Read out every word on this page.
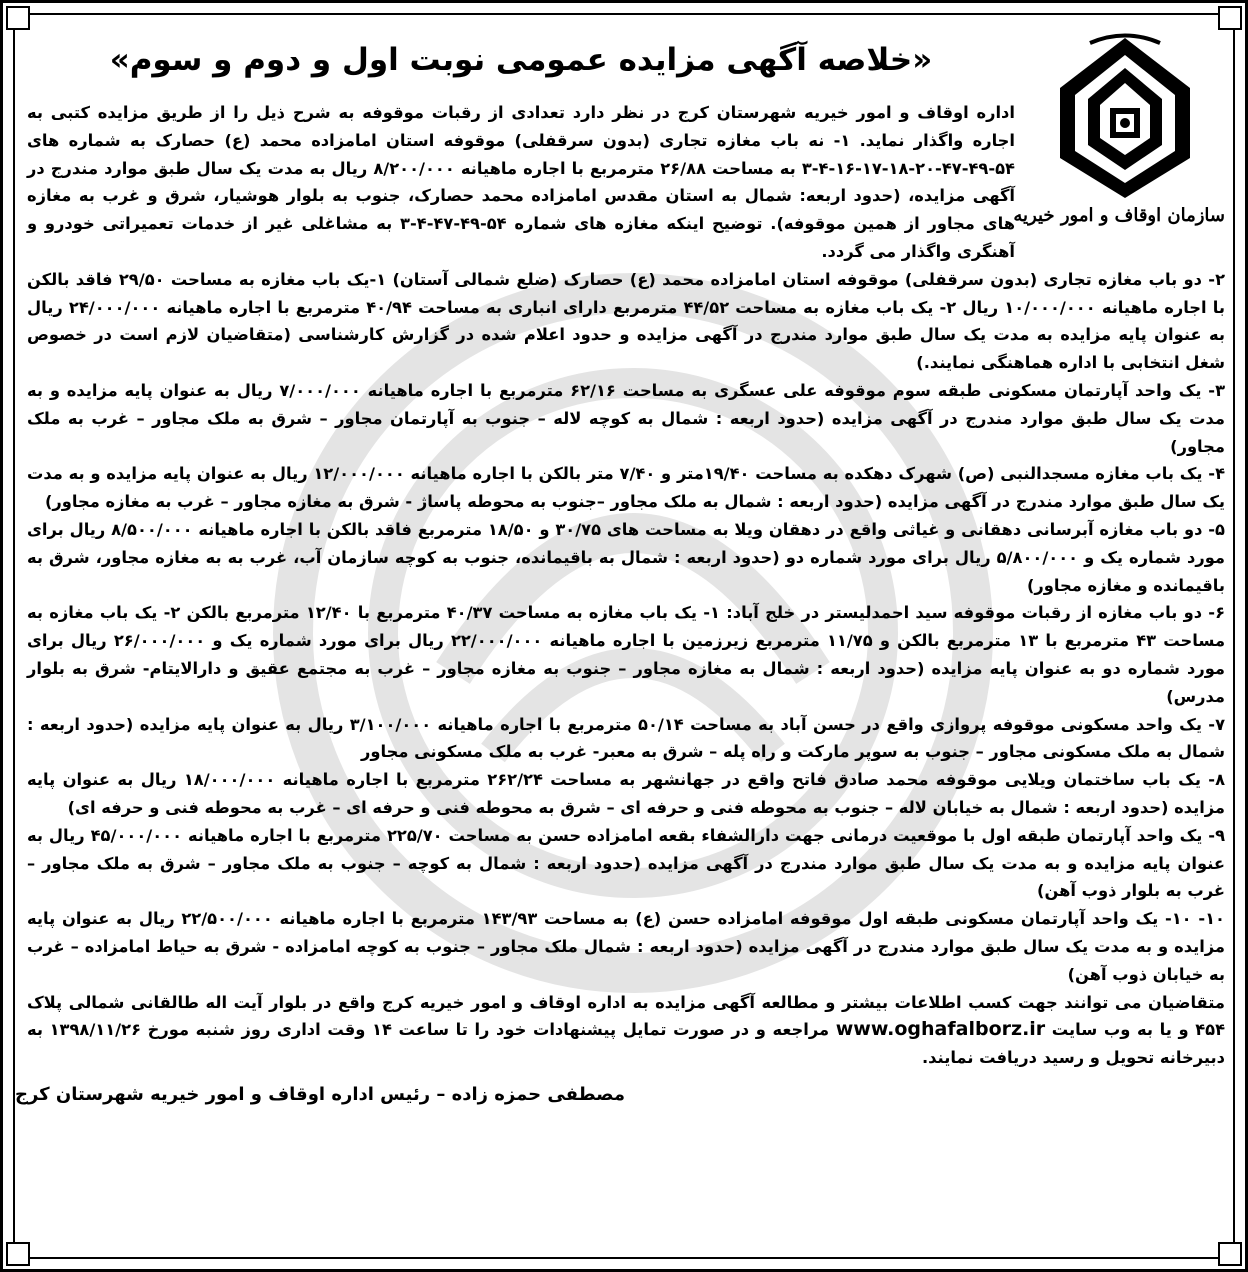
سازمان اوقاف و امور خیریه
«خلاصه آگهی مزایده عمومی نوبت اول و دوم و سوم»

اداره اوقاف و امور خیریه شهرستان کرج در نظر دارد تعدادی از رقبات موقوفه به شرح ذیل را از طریق مزایده کتبی به اجاره واگذار نماید. ۱- نه باب مغازه تجاری (بدون سرقفلی) موقوفه استان امامزاده محمد (ع) حصارک به شماره های ۵۴-۴۹-۴۷-۲۰-۱۸-۱۷-۱۶-۴-۳ به مساحت ۲۶/۸۸ مترمربع با اجاره ماهیانه ۸/۲۰۰/۰۰۰ ریال به مدت یک سال طبق موارد مندرج در آگهی مزایده، (حدود اربعه: شمال به استان مقدس امامزاده محمد حصارک، جنوب به بلوار هوشیار، شرق و غرب به مغازه های مجاور از همین موقوفه). توضیح اینکه مغازه های شماره ۵۴-۴۹-۴۷-۴-۳ به مشاغلی غیر از خدمات تعمیراتی خودرو و آهنگری واگذار می گردد.

۲- دو باب مغازه تجاری (بدون سرقفلی) موقوفه استان امامزاده محمد (ع) حصارک (ضلع شمالی آستان) ۱-یک باب مغازه به مساحت ۲۹/۵۰ فاقد بالکن با اجاره ماهیانه ۱۰/۰۰۰/۰۰۰ ریال ۲- یک باب مغازه به مساحت ۴۴/۵۲ مترمربع دارای انباری به مساحت ۴۰/۹۴ مترمربع با اجاره ماهیانه ۲۴/۰۰۰/۰۰۰ ریال به عنوان پایه مزایده به مدت یک سال طبق موارد مندرج در آگهی مزایده و حدود اعلام شده در گزارش کارشناسی (متقاضیان لازم است در خصوص شغل انتخابی با اداره هماهنگی نمایند.)

۳- یک واحد آپارتمان مسکونی طبقه سوم موقوفه علی عسگری به مساحت ۶۲/۱۶ مترمربع با اجاره ماهیانه ۷/۰۰۰/۰۰۰ ریال به عنوان پایه مزایده و به مدت یک سال طبق موارد مندرج در آگهی مزایده (حدود اربعه : شمال به کوچه لاله – جنوب به آپارتمان مجاور – شرق به ملک مجاور – غرب به ملک مجاور)

۴- یک باب مغازه مسجدالنبی (ص) شهرک دهکده به مساحت ۱۹/۴۰متر و ۷/۴۰ متر بالکن با اجاره ماهیانه ۱۲/۰۰۰/۰۰۰ ریال به عنوان پایه مزایده و به مدت یک سال طبق موارد مندرج در آگهی مزایده (حدود اربعه : شمال به ملک مجاور –جنوب به محوطه پاساژ - شرق به مغازه مجاور – غرب به مغازه مجاور)

۵- دو باب مغازه آبرسانی دهقانی و غیاثی واقع در دهقان ویلا به مساحت های ۳۰/۷۵ و ۱۸/۵۰ مترمربع فاقد بالکن با اجاره ماهیانه ۸/۵۰۰/۰۰۰ ریال برای مورد شماره یک و ۵/۸۰۰/۰۰۰ ریال برای مورد شماره دو (حدود اربعه : شمال به باقیمانده، جنوب به کوچه سازمان آب، غرب به به مغازه مجاور، شرق به باقیمانده و مغازه مجاور)

۶- دو باب مغازه از رقبات موقوفه سید احمدلیستر در خلج آباد: ۱- یک باب مغازه به مساحت ۴۰/۳۷ مترمربع با ۱۲/۴۰ مترمربع بالکن ۲- یک باب مغازه به مساحت ۴۳ مترمربع با ۱۳ مترمربع بالکن و ۱۱/۷۵ مترمربع زیرزمین با اجاره ماهیانه ۲۲/۰۰۰/۰۰۰ ریال برای مورد شماره یک و ۲۶/۰۰۰/۰۰۰ ریال برای مورد شماره دو به عنوان پایه مزایده (حدود اربعه : شمال به مغازه مجاور – جنوب به مغازه مجاور – غرب به مجتمع عقیق و دارالایتام- شرق به بلوار مدرس)

۷- یک واحد مسکونی موقوفه پروازی واقع در حسن آباد به مساحت ۵۰/۱۴ مترمربع با اجاره ماهیانه ۳/۱۰۰/۰۰۰ ریال به عنوان پایه مزایده (حدود اربعه : شمال به ملک مسکونی مجاور – جنوب به سوپر مارکت و راه پله – شرق به معبر- غرب به ملک مسکونی مجاور

۸- یک باب ساختمان ویلایی موقوفه محمد صادق فاتح واقع در جهانشهر به مساحت ۲۶۲/۲۴ مترمربع با اجاره ماهیانه ۱۸/۰۰۰/۰۰۰ ریال به عنوان پایه مزایده (حدود اربعه : شمال به خیابان لاله – جنوب به محوطه فنی و حرفه ای – شرق به محوطه فنی و حرفه ای – غرب به محوطه فنی و حرفه ای)

۹- یک واحد آپارتمان طبقه اول با موقعیت درمانی جهت دارالشفاء بقعه امامزاده حسن به مساحت ۲۲۵/۷۰ مترمربع با اجاره ماهیانه ۴۵/۰۰۰/۰۰۰ ریال به عنوان پایه مزایده و به مدت یک سال طبق موارد مندرج در آگهی مزایده (حدود اربعه : شمال به کوچه – جنوب به ملک مجاور – شرق به ملک مجاور – غرب به بلوار ذوب آهن)

۱۰- ۱۰- یک واحد آپارتمان مسکونی طبقه اول موقوفه امامزاده حسن (ع) به مساحت ۱۴۳/۹۳ مترمربع با اجاره ماهیانه ۲۲/۵۰۰/۰۰۰ ریال به عنوان پایه مزایده و به مدت یک سال طبق موارد مندرج در آگهی مزایده (حدود اربعه : شمال ملک مجاور – جنوب به کوچه امامزاده - شرق به حیاط امامزاده – غرب به خیابان ذوب آهن)

متقاضیان می توانند جهت کسب اطلاعات بیشتر و مطالعه آگهی مزایده به اداره اوقاف و امور خیریه کرج واقع در بلوار آیت اله طالقانی شمالی پلاک ۴۵۴ و یا به وب سایت www.oghafalborz.ir مراجعه و در صورت تمایل پیشنهادات خود را تا ساعت ۱۴ وقت اداری روز شنبه مورخ ۱۳۹۸/۱۱/۲۶ به دبیرخانه تحویل و رسید دریافت نمایند.

مصطفی حمزه زاده – رئیس اداره اوقاف و امور خیریه شهرستان کرج
